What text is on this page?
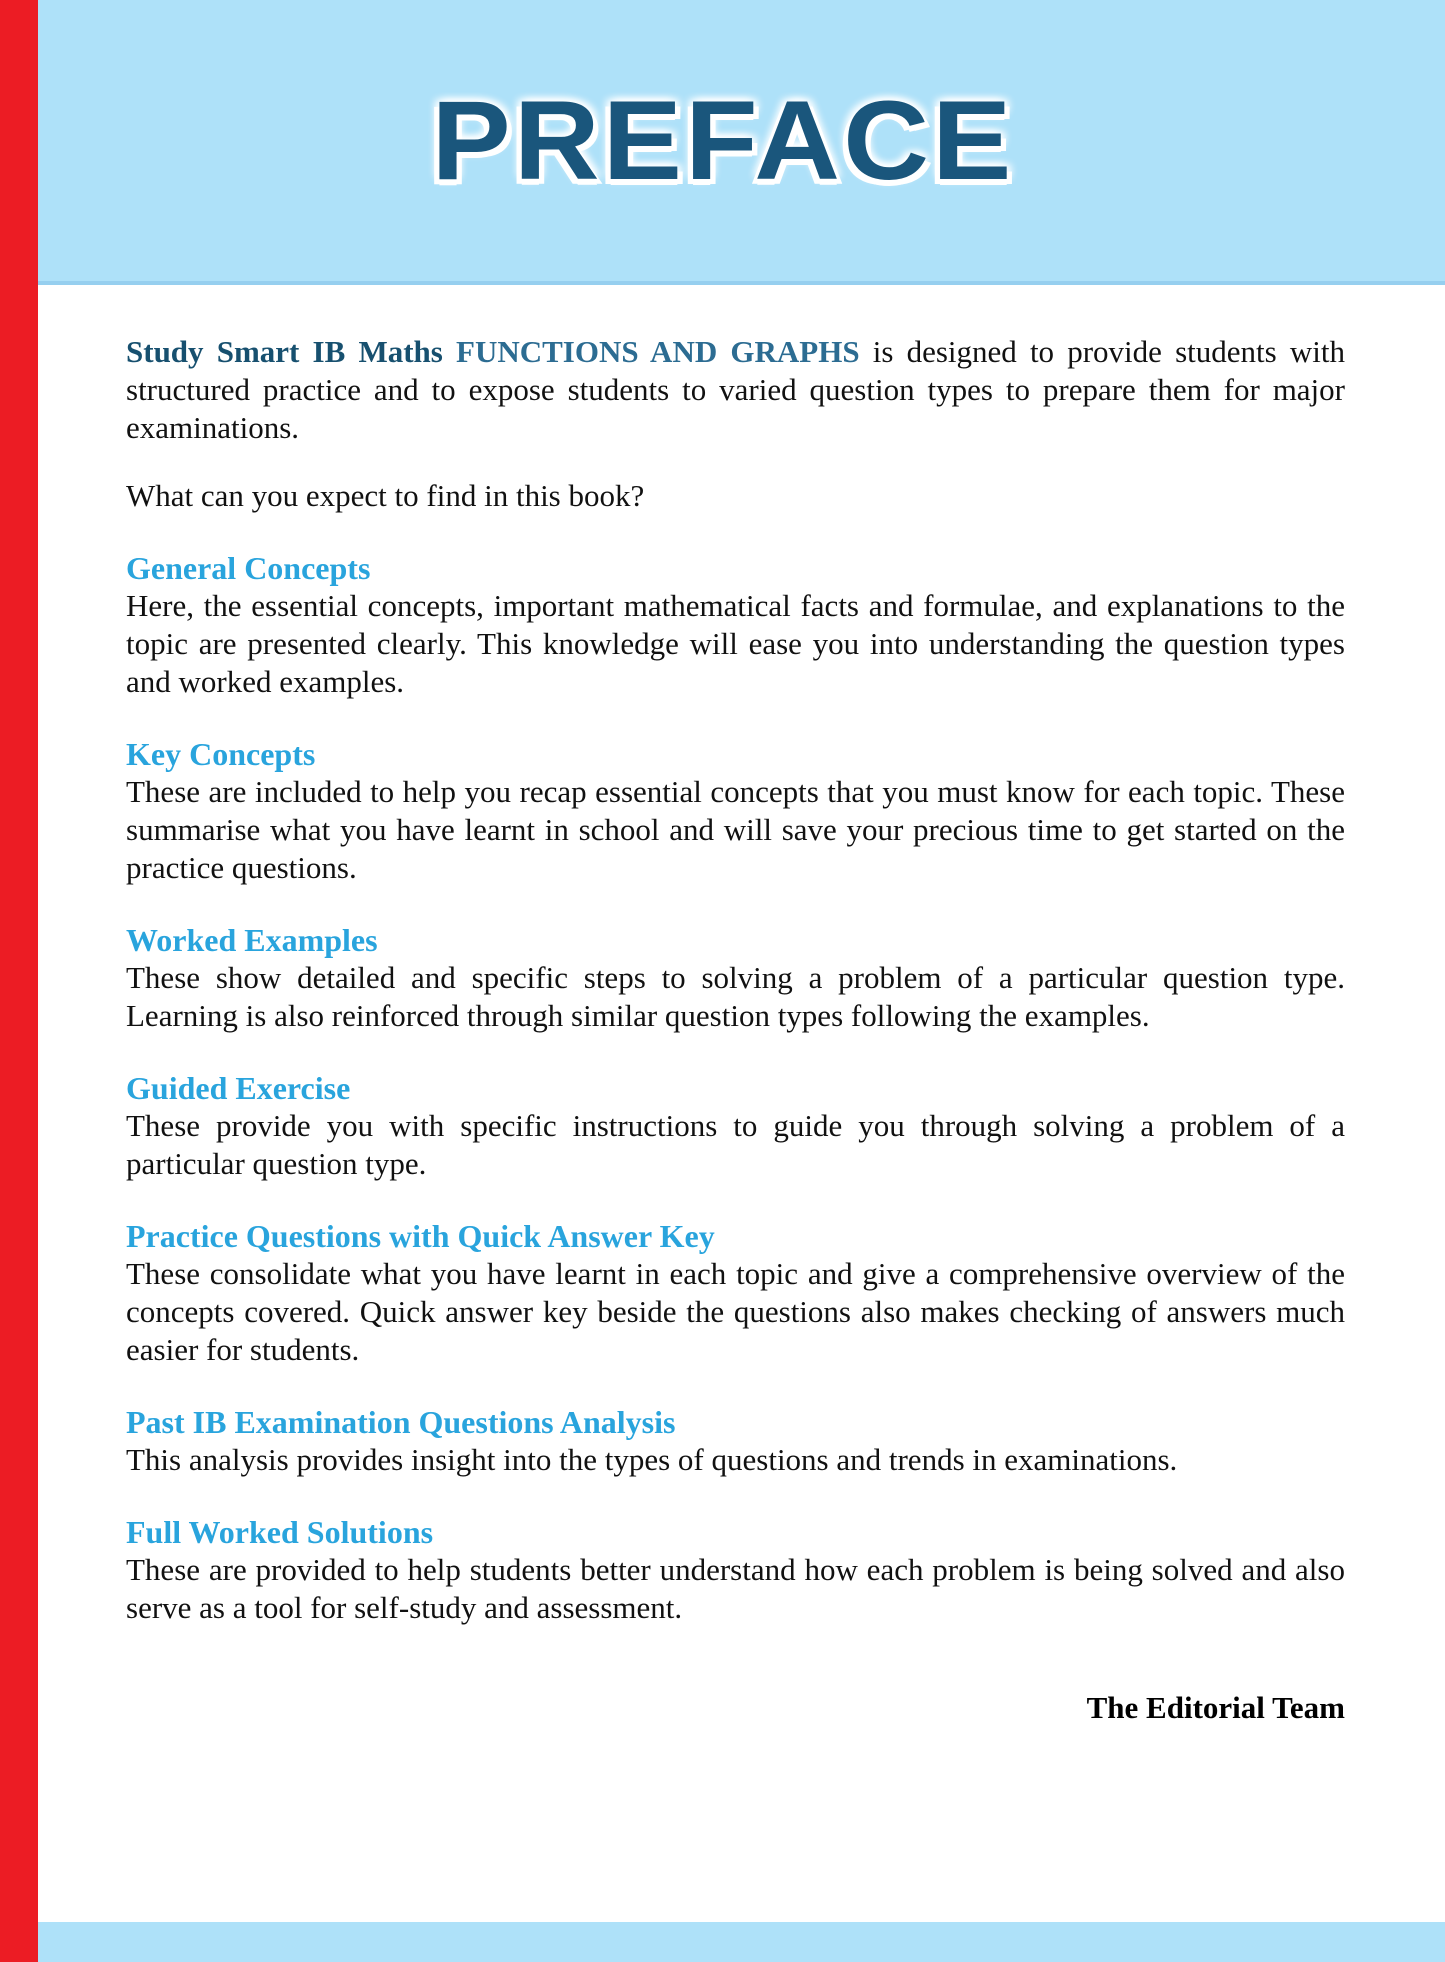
PREFACE

Study Smart IB Maths FUNCTIONS AND GRAPHS is designed to provide students with structured practice and to expose students to varied question types to prepare them for major examinations.

What can you expect to find in this book?

General Concepts

Here, the essential concepts, important mathematical facts and formulae, and explanations to the topic are presented clearly. This knowledge will ease you into understanding the question types and worked examples.

Key Concepts

These are included to help you recap essential concepts that you must know for each topic. These summarise what you have learnt in school and will save your precious time to get started on the practice questions.

Worked Examples

These show detailed and specific steps to solving a problem of a particular question type. Learning is also reinforced through similar question types following the examples.

Guided Exercise

These provide you with specific instructions to guide you through solving a problem of a particular question type.

Practice Questions with Quick Answer Key

These consolidate what you have learnt in each topic and give a comprehensive overview of the concepts covered. Quick answer key beside the questions also makes checking of answers much easier for students.

Past IB Examination Questions Analysis

This analysis provides insight into the types of questions and trends in examinations.

Full Worked Solutions

These are provided to help students better understand how each problem is being solved and also serve as a tool for self-study and assessment.

The Editorial Team
